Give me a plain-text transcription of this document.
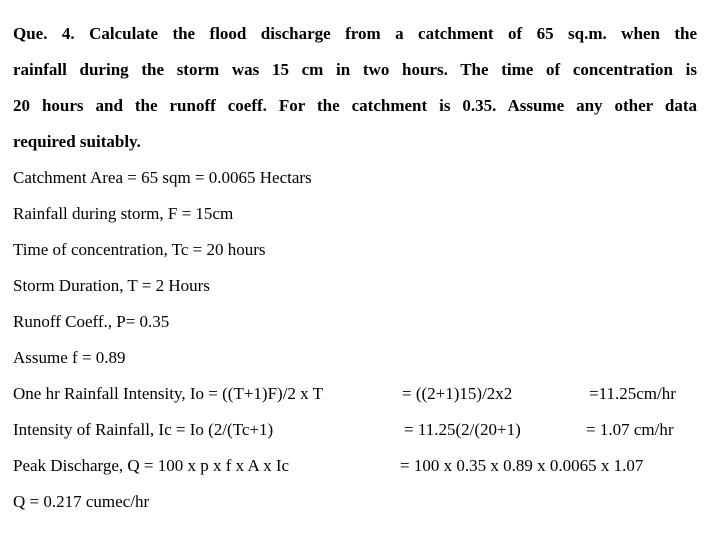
Que. 4. Calculate the flood discharge from a catchment of 65 sq.m. when the
rainfall during the storm was 15 cm in two hours. The time of concentration is
20 hours and the runoff coeff. For the catchment is 0.35. Assume any other data
required suitably.
Catchment Area = 65 sqm = 0.0065 Hectars
Rainfall during storm, F = 15cm
Time of concentration, Tc = 20 hours
Storm Duration, T = 2 Hours
Runoff Coeff., P= 0.35
Assume f = 0.89
One hr Rainfall Intensity, Io = ((T+1)F)/2 x T	= ((2+1)15)/2x2	=11.25cm/hr
Intensity of Rainfall, Ic = Io (2/(Tc+1)	= 11.25(2/(20+1)	= 1.07 cm/hr
Peak Discharge, Q = 100 x p x f x A x Ic	= 100 x 0.35 x 0.89 x 0.0065 x 1.07
Q = 0.217 cumec/hr
